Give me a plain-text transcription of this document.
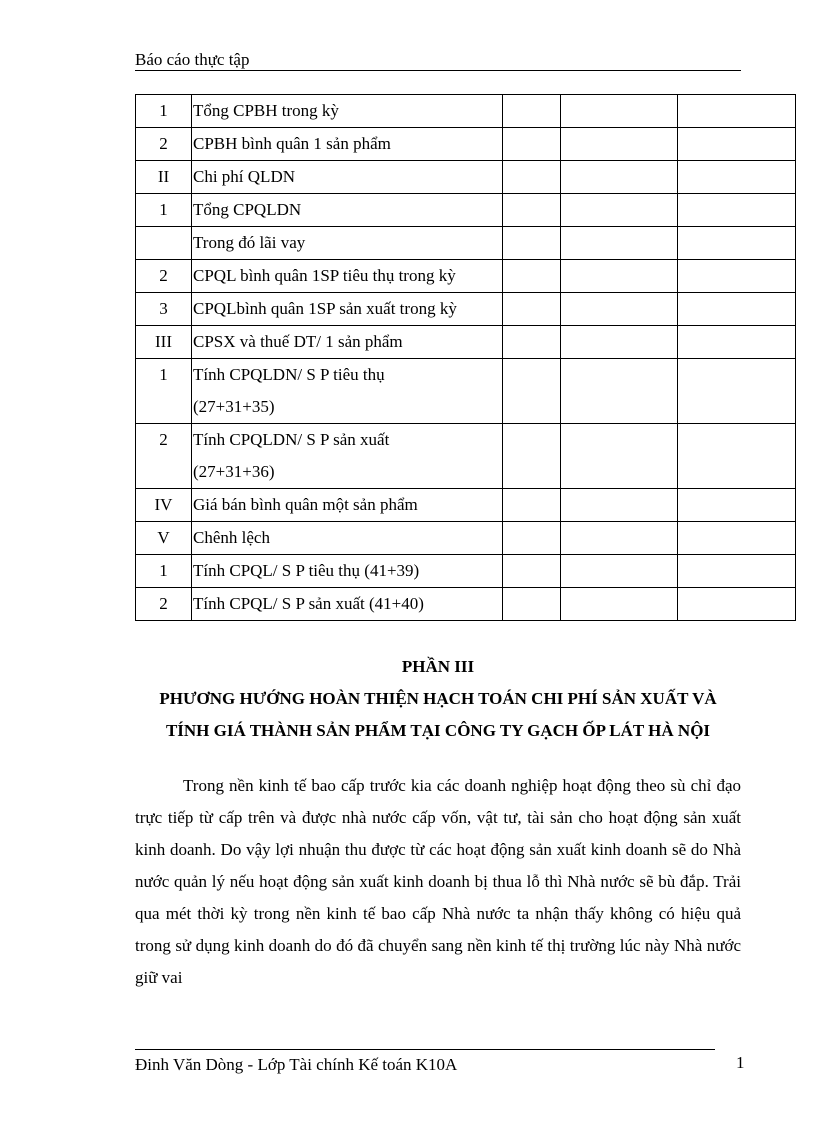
Báo cáo thực tập
1	Tổng CPBH trong kỳ			
2	CPBH bình quân 1 sản phẩm			
II	Chi phí QLDN			
1	Tổng CPQLDN			
	Trong đó lãi vay			
2	CPQL bình quân 1SP tiêu thụ trong kỳ			
3	CPQLbình quân 1SP sản xuất trong kỳ			
III	CPSX và thuế DT/ 1 sản phẩm			

1	Tính CPQLDN/ S P tiêu thụ
(27+31+35)			

2	Tính CPQLDN/ S P sản xuất
(27+31+36)			

IV	Giá bán bình quân một sản phẩm			
V	Chênh lệch			
1	Tính CPQL/ S P tiêu thụ (41+39)			
2	Tính CPQL/ S P sản xuất (41+40)			
PHẦN III
PHƯƠNG HƯỚNG HOÀN THIỆN HẠCH TOÁN CHI PHÍ SẢN XUẤT VÀ
TÍNH GIÁ THÀNH SẢN PHẨM TẠI CÔNG TY GẠCH ỐP LÁT HÀ NỘI

Trong nền kinh tế bao cấp trước kia các doanh nghiệp hoạt động theo sù chỉ đạo trực tiếp từ cấp trên và được nhà nước cấp vốn, vật tư, tài sản cho hoạt động sản xuất kinh doanh. Do vậy lợi nhuận thu được từ các hoạt động sản xuất kinh doanh sẽ do Nhà nước quản lý nếu hoạt động sản xuất kinh doanh bị thua lỗ thì Nhà nước sẽ bù đắp. Trải qua mét thời kỳ trong nền kinh tế bao cấp Nhà nước ta nhận thấy không có hiệu quả trong sử dụng kinh doanh do đó đã chuyển sang nền kinh tế thị trường lúc này Nhà nước giữ vai

Đinh Văn Dòng - Lớp Tài chính Kế toán K10A	1
